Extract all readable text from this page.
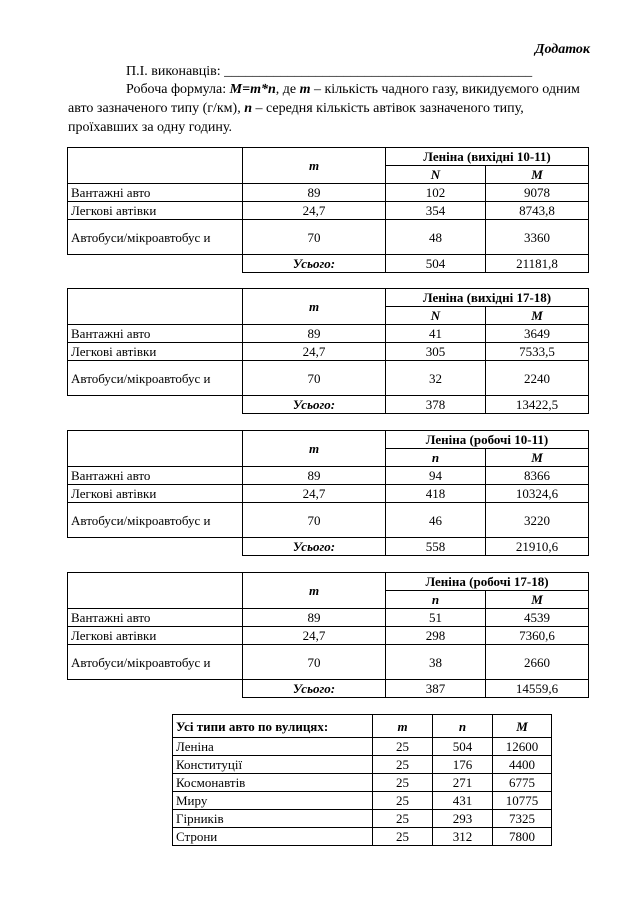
Додаток
П.І. виконавців: ____________________________________________
Робоча формула: M=m*n, де m – кількість чадного газу, викидуємого одним авто зазначеного типу (г/км), n – середня кількість автівок зазначеного типу, проїхавших за одну годину.
	m	Леніна (вихідні 10-11)	
		N	M
Вантажні авто	89	102	9078
Легкові автівки	24,7	354	8743,8
Автобуси/мікроавтобус и	70	48	3360
	Усього:	504	21181,8
	m	Леніна (вихідні 17-18)	
		N	M
Вантажні авто	89	41	3649
Легкові автівки	24,7	305	7533,5
Автобуси/мікроавтобус и	70	32	2240
	Усього:	378	13422,5
	m	Леніна (робочі 10-11)	
		n	M
Вантажні авто	89	94	8366
Легкові автівки	24,7	418	10324,6
Автобуси/мікроавтобус и	70	46	3220
	Усього:	558	21910,6
	m	Леніна (робочі 17-18)	
		n	M
Вантажні авто	89	51	4539
Легкові автівки	24,7	298	7360,6
Автобуси/мікроавтобус и	70	38	2660
	Усього:	387	14559,6
Усі типи авто по вулицях:	m	n	M
Леніна	25	504	12600
Конституції	25	176	4400
Космонавтів	25	271	6775
Миру	25	431	10775
Гірників	25	293	7325
Строни	25	312	7800
